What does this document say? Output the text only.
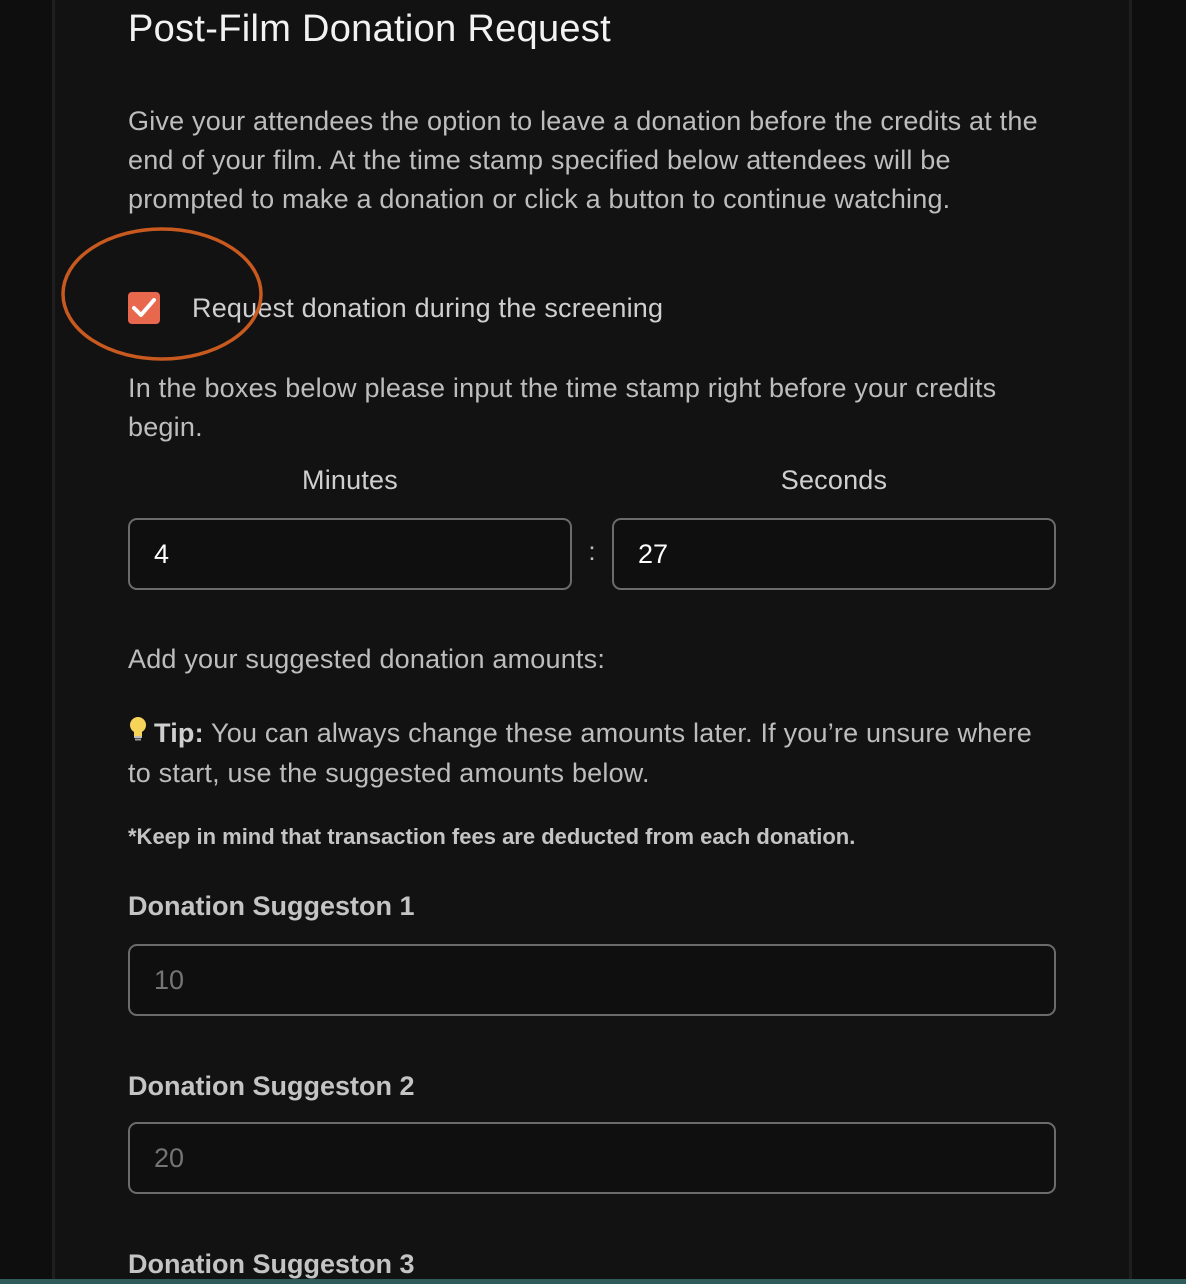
Post-Film Donation Request

Give your attendees the option to leave a donation before the credits at the end of your film. At the time stamp specified below attendees will be prompted to make a donation or click a button to continue watching.

Request donation during the screening

In the boxes below please input the time stamp right before your credits begin.

Minutes	Seconds
4
:
27
Add your suggested donation amounts:

Tip: You can always change these amounts later. If you’re unsure where to start, use the suggested amounts below.

*Keep in mind that transaction fees are deducted from each donation.
Donation Suggeston 1
10
Donation Suggeston 2
20
Donation Suggeston 3
